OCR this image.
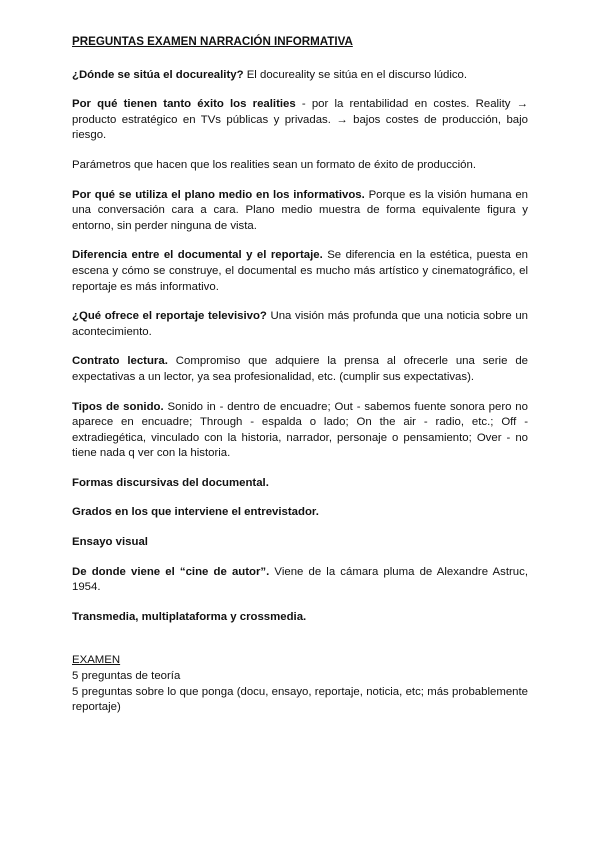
PREGUNTAS EXAMEN NARRACIÓN INFORMATIVA

¿Dónde se sitúa el docureality? El docureality se sitúa en el discurso lúdico.

Por qué tienen tanto éxito los realities - por la rentabilidad en costes. Reality → producto estratégico en TVs públicas y privadas. → bajos costes de producción, bajo riesgo.

Parámetros que hacen que los realities sean un formato de éxito de producción.

Por qué se utiliza el plano medio en los informativos. Porque es la visión humana en una conversación cara a cara. Plano medio muestra de forma equivalente figura y entorno, sin perder ninguna de vista.

Diferencia entre el documental y el reportaje. Se diferencia en la estética, puesta en escena y cómo se construye, el documental es mucho más artístico y cinematográfico, el reportaje es más informativo.

¿Qué ofrece el reportaje televisivo? Una visión más profunda que una noticia sobre un acontecimiento.

Contrato lectura. Compromiso que adquiere la prensa al ofrecerle una serie de expectativas a un lector, ya sea profesionalidad, etc. (cumplir sus expectativas).

Tipos de sonido. Sonido in - dentro de encuadre; Out - sabemos fuente sonora pero no aparece en encuadre; Through - espalda o lado; On the air - radio, etc.; Off - extradiegética, vinculado con la historia, narrador, personaje o pensamiento; Over - no tiene nada q ver con la historia.

Formas discursivas del documental.

Grados en los que interviene el entrevistador.

Ensayo visual

De donde viene el “cine de autor”. Viene de la cámara pluma de Alexandre Astruc, 1954.

Transmedia, multiplataforma y crossmedia.

EXAMEN

5 preguntas de teoría

5 preguntas sobre lo que ponga (docu, ensayo, reportaje, noticia, etc; más probablemente reportaje)
